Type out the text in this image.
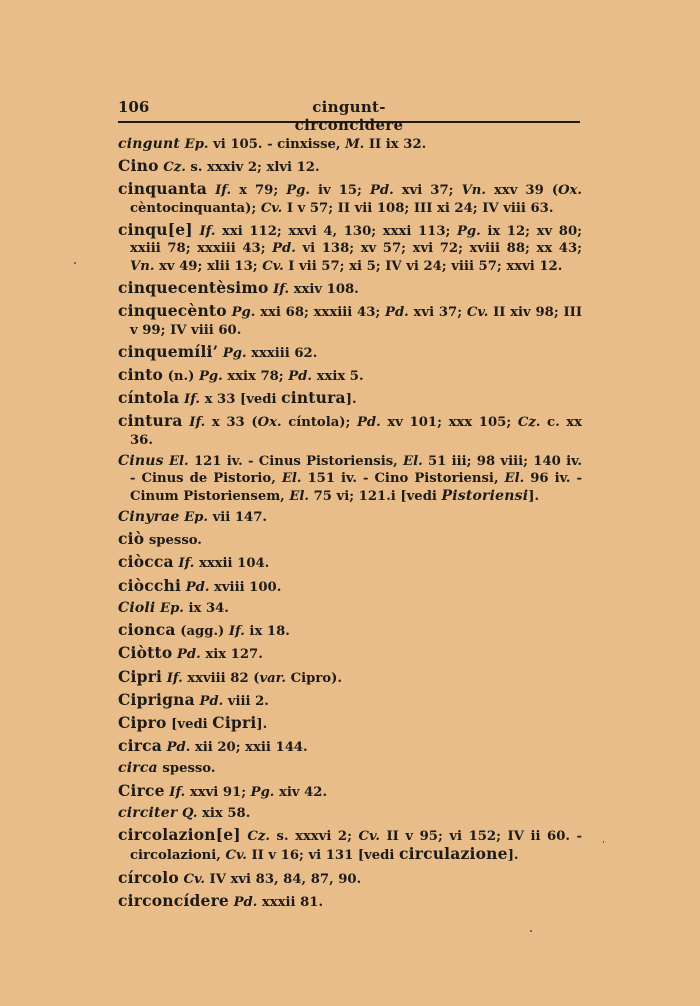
106	cingunt-circoncidere
cingunt Ep. vi 105. - cinxisse, M. II ix 32.
Cino Cz. s. xxxiv 2; xlvi 12.
cinquanta If. x 79; Pg. iv 15; Pd. xvi 37; Vn. xxv 39 (Ox. cèntocinquanta); Cv. I v 57; II vii 108; III xi 24; IV viii 63.
cinqu[e] If. xxi 112; xxvi 4, 130; xxxi 113; Pg. ix 12; xv 80; xxiii 78; xxxiii 43; Pd. vi 138; xv 57; xvi 72; xviii 88; xx 43; Vn. xv 49; xlii 13; Cv. I vii 57; xi 5; IV vi 24; viii 57; xxvi 12.
cinquecentèsimo If. xxiv 108.
cinquecènto Pg. xxi 68; xxxiii 43; Pd. xvi 37; Cv. II xiv 98; III v 99; IV viii 60.
cinquemíli’ Pg. xxxiii 62.
cinto (n.) Pg. xxix 78; Pd. xxix 5.
cíntola If. x 33 [vedi cintura].
cintura If. x 33 (Ox. cíntola); Pd. xv 101; xxx 105; Cz. c. xx 36.
Cinus El. 121 iv. - Cinus Pistoriensis, El. 51 iii; 98 viii; 140 iv. - Cinus de Pistorio, El. 151 iv. - Cino Pistoriensi, El. 96 iv. - Cinum Pistoriensem, El. 75 vi; 121.i [vedi Pistoriensi].
Cinyrae Ep. vii 147.
ciò spesso.
ciòcca If. xxxii 104.
ciòcchi Pd. xviii 100.
Cioli Ep. ix 34.
cionca (agg.) If. ix 18.
Ciòtto Pd. xix 127.
Cipri If. xxviii 82 (var. Cipro).
Ciprigna Pd. viii 2.
Cipro [vedi Cipri].
circa Pd. xii 20; xxii 144.
circa spesso.
Circe If. xxvi 91; Pg. xiv 42.
circiter Q. xix 58.
circolazion[e] Cz. s. xxxvi 2; Cv. II v 95; vi 152; IV ii 60. - circolazioni, Cv. II v 16; vi 131 [vedi circulazione].
círcolo Cv. IV xvi 83, 84, 87, 90.
circoncídere Pd. xxxii 81.
